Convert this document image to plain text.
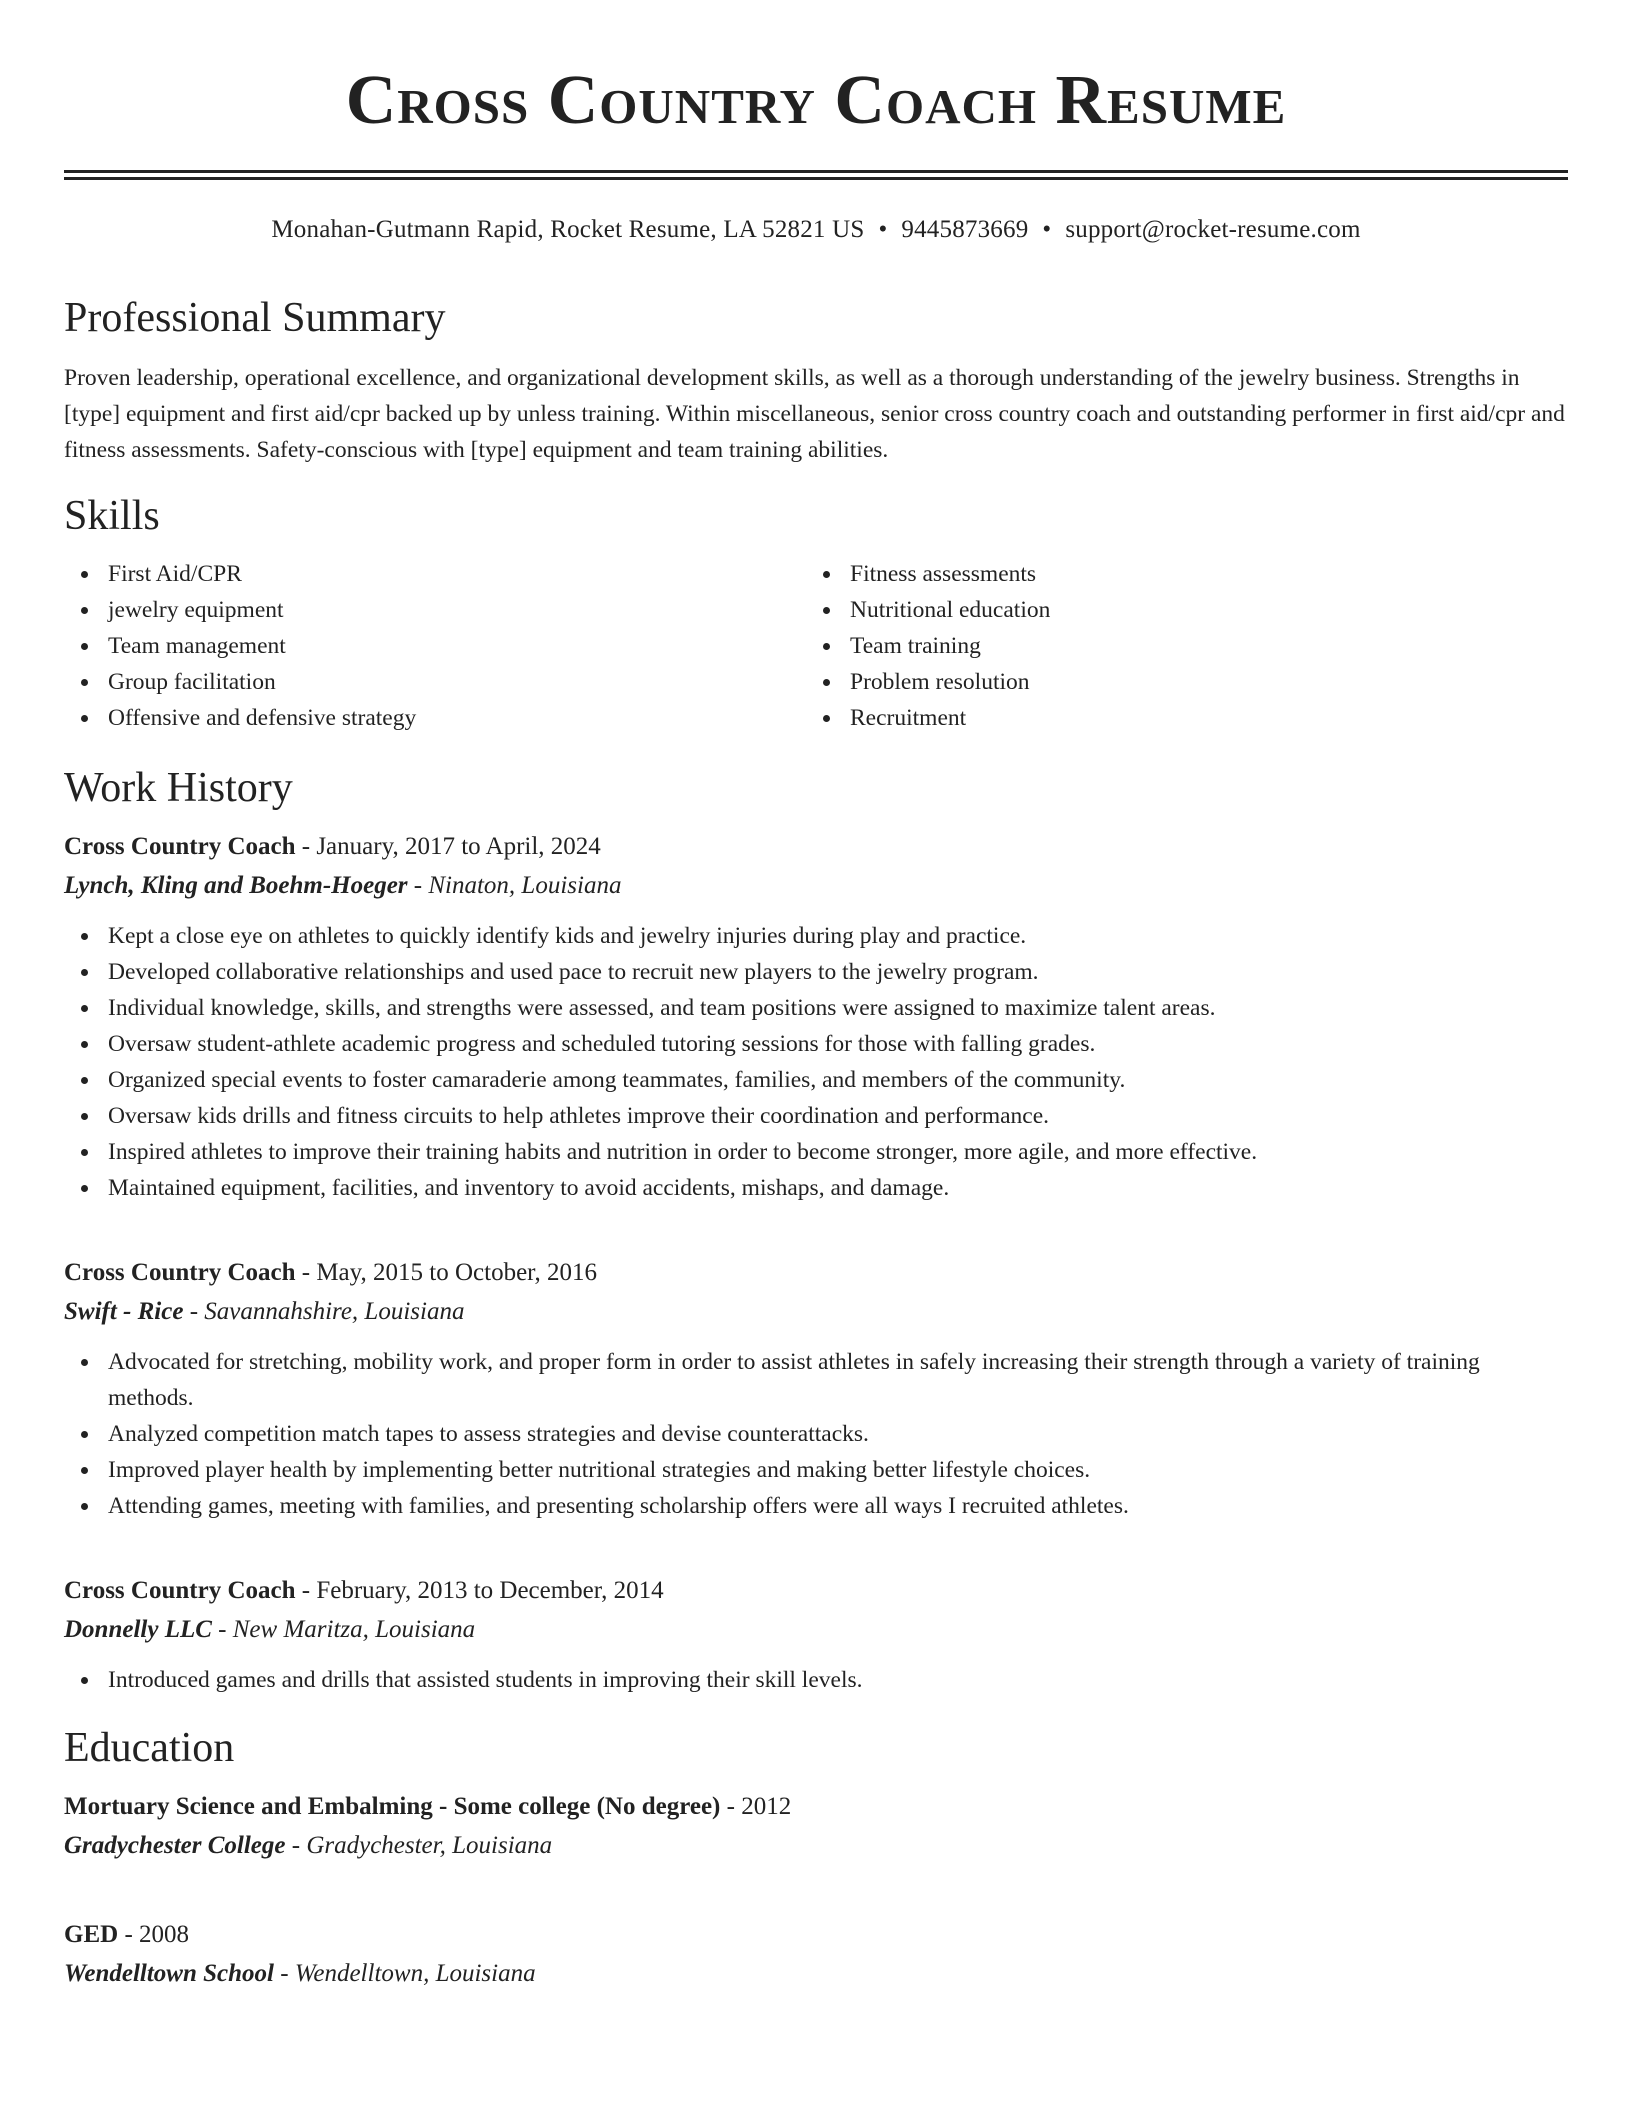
Cross Country Coach Resume
Monahan-Gutmann Rapid, Rocket Resume, LA 52821 US • 9445873669 • support@rocket-resume.com
Professional Summary

Proven leadership, operational excellence, and organizational development skills, as well as a thorough understanding of the jewelry business. Strengths in [type] equipment and first aid/cpr backed up by unless training. Within miscellaneous, senior cross country coach and outstanding performer in first aid/cpr and fitness assessments. Safety-conscious with [type] equipment and team training abilities.

Skills
First Aid/CPR
jewelry equipment
Team management
Group facilitation
Offensive and defensive strategy
Fitness assessments
Nutritional education
Team training
Problem resolution
Recruitment
Work History
Cross Country Coach - January, 2017 to April, 2024
Lynch, Kling and Boehm-Hoeger - Ninaton, Louisiana
Kept a close eye on athletes to quickly identify kids and jewelry injuries during play and practice.
Developed collaborative relationships and used pace to recruit new players to the jewelry program.
Individual knowledge, skills, and strengths were assessed, and team positions were assigned to maximize talent areas.
Oversaw student-athlete academic progress and scheduled tutoring sessions for those with falling grades.
Organized special events to foster camaraderie among teammates, families, and members of the community.
Oversaw kids drills and fitness circuits to help athletes improve their coordination and performance.
Inspired athletes to improve their training habits and nutrition in order to become stronger, more agile, and more effective.
Maintained equipment, facilities, and inventory to avoid accidents, mishaps, and damage.
Cross Country Coach - May, 2015 to October, 2016
Swift - Rice - Savannahshire, Louisiana
Advocated for stretching, mobility work, and proper form in order to assist athletes in safely increasing their strength through a variety of training methods.
Analyzed competition match tapes to assess strategies and devise counterattacks.
Improved player health by implementing better nutritional strategies and making better lifestyle choices.
Attending games, meeting with families, and presenting scholarship offers were all ways I recruited athletes.
Cross Country Coach - February, 2013 to December, 2014
Donnelly LLC - New Maritza, Louisiana
Introduced games and drills that assisted students in improving their skill levels.
Education
Mortuary Science and Embalming - Some college (No degree) - 2012
Gradychester College - Gradychester, Louisiana
GED - 2008
Wendelltown School - Wendelltown, Louisiana
